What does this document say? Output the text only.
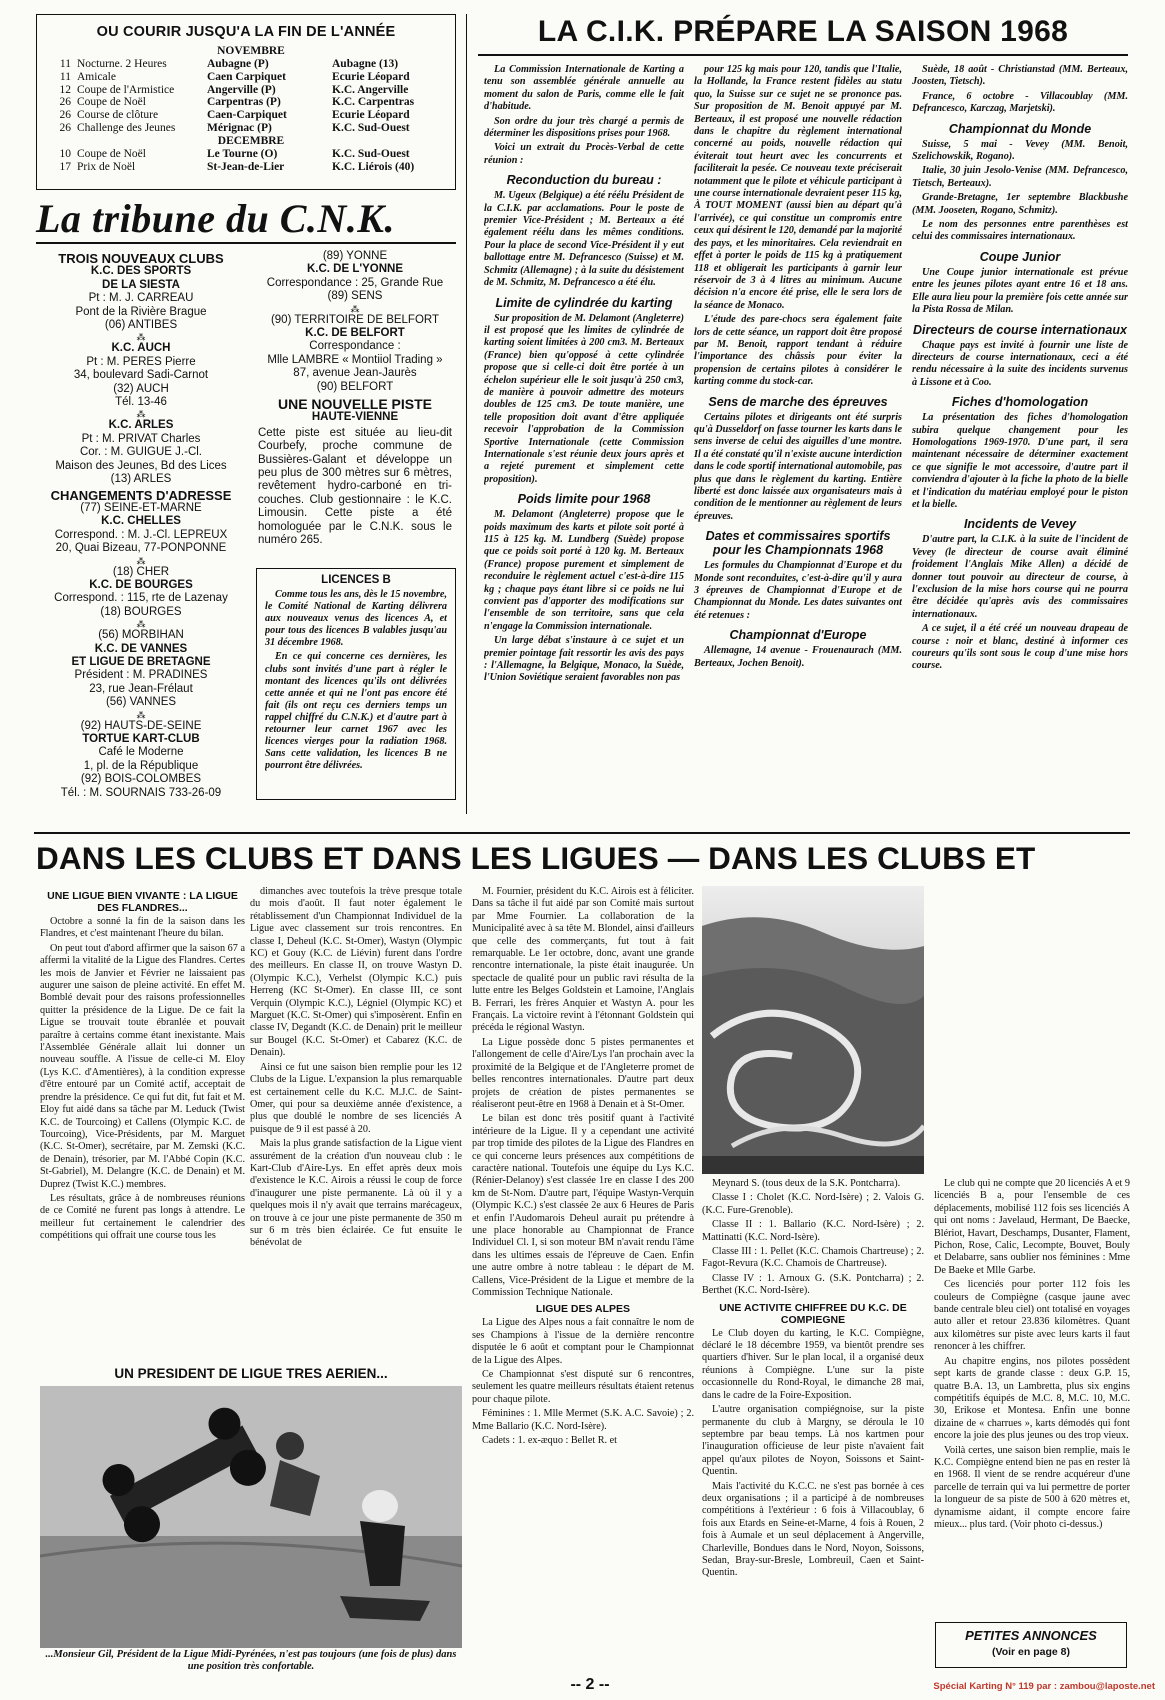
OU COURIR JUSQU'A LA FIN DE L'ANNÉE
NOVEMBRE
11 Nocturne. 2 Heures	Aubagne (P)	Aubagne (13)
11 Amicale	Caen Carpiquet	Ecurie Léopard
12 Coupe de l'Armistice	Angerville (P)	K.C. Angerville
26 Coupe de Noël	Carpentras (P)	K.C. Carpentras
26 Course de clôture	Caen-Carpiquet	Ecurie Léopard
26 Challenge des Jeunes	Mérignac (P)	K.C. Sud-Ouest
DECEMBRE
10 Coupe de Noël	Le Tourne (O)	K.C. Sud-Ouest
17 Prix de Noël	St-Jean-de-Lier	K.C. Liérois (40)
La tribune du C.N.K.
TROIS NOUVEAUX CLUBS
K.C. DES SPORTS
DE LA SIESTA
Pt : M. J. CARREAU
Pont de la Rivière Brague
(06) ANTIBES
⁂
K.C. AUCH
Pt : M. PERES Pierre
34, boulevard Sadi-Carnot
(32) AUCH
Tél. 13-46
⁂
K.C. ARLES
Pt : M. PRIVAT Charles
Cor. : M. GUIGUE J.-Cl.
Maison des Jeunes, Bd des Lices
(13) ARLES
CHANGEMENTS D'ADRESSE
(77) SEINE-ET-MARNE
K.C. CHELLES
Correspond. : M. J.-Cl. LEPREUX
20, Quai Bizeau, 77-PONPONNE
⁂
(18) CHER
K.C. DE BOURGES
Correspond. : 115, rte de Lazenay
(18) BOURGES
⁂
(56) MORBIHAN
K.C. DE VANNES
ET LIGUE DE BRETAGNE
Président : M. PRADINES
23, rue Jean-Frélaut
(56) VANNES
⁂
(92) HAUTS-DE-SEINE
TORTUE KART-CLUB
Café le Moderne
1, pl. de la République
(92) BOIS-COLOMBES
Tél. : M. SOURNAIS 733-26-09
(89) YONNE
K.C. DE L'YONNE
Correspondance : 25, Grande Rue
(89) SENS
⁂
(90) TERRITOIRE DE BELFORT
K.C. DE BELFORT
Correspondance :
Mlle LAMBRE « Montiiol Trading »
87, avenue Jean-Jaurès
(90) BELFORT
UNE NOUVELLE PISTE
HAUTE-VIENNE
Cette piste est située au lieu-dit Courbefy, proche commune de Bussières-Galant et développe un peu plus de 300 mètres sur 6 mètres, revêtement hydro-carboné en tri-couches. Club gestionnaire : le K.C. Limousin. Cette piste a été homologuée par le C.N.K. sous le numéro 265.
LICENCES B

Comme tous les ans, dès le 15 novembre, le Comité National de Karting délivrera aux nouveaux venus des licences A, et pour tous des licences B valables jusqu'au 31 décembre 1968.

En ce qui concerne ces dernières, les clubs sont invités d'une part à régler le montant des licences qu'ils ont délivrées cette année et qui ne l'ont pas encore été fait (ils ont reçu ces derniers temps un rappel chiffré du C.N.K.) et d'autre part à retourner leur carnet 1967 avec les licences vierges pour la radiation 1968. Sans cette validation, les licences B ne pourront être délivrées.

LA C.I.K. PRÉPARE LA SAISON 1968

La Commission Internationale de Karting a tenu son assemblée générale annuelle au moment du salon de Paris, comme elle le fait d'habitude.

Son ordre du jour très chargé a permis de déterminer les dispositions prises pour 1968.

Voici un extrait du Procès-Verbal de cette réunion :

Reconduction du bureau :

M. Ugeux (Belgique) a été réélu Président de la C.I.K. par acclamations. Pour le poste de premier Vice-Président ; M. Berteaux a été également réélu dans les mêmes conditions. Pour la place de second Vice-Président il y eut ballottage entre M. Defrancesco (Suisse) et M. Schmitz (Allemagne) ; à la suite du désistement de M. Schmitz, M. Defrancesco a été élu.

Limite de cylindrée du karting

Sur proposition de M. Delamont (Angleterre) il est proposé que les limites de cylindrée de karting soient limitées à 200 cm3. M. Berteaux (France) bien qu'opposé à cette cylindrée propose que si celle-ci doit être portée à un échelon supérieur elle le soit jusqu'à 250 cm3, de manière à pouvoir admettre des moteurs doubles de 125 cm3. De toute manière, une telle proposition doit avant d'être appliquée recevoir l'approbation de la Commission Sportive Internationale (cette Commission Internationale s'est réunie deux jours après et a rejeté purement et simplement cette proposition).

Poids limite pour 1968

M. Delamont (Angleterre) propose que le poids maximum des karts et pilote soit porté à 115 à 125 kg. M. Lundberg (Suède) propose que ce poids soit porté à 120 kg. M. Berteaux (France) propose purement et simplement de reconduire le règlement actuel c'est-à-dire 115 kg ; chaque pays étant libre si ce poids ne lui convient pas d'apporter des modifications sur l'ensemble de son territoire, sans que cela n'engage la Commission internationale.

Un large débat s'instaure à ce sujet et un premier pointage fait ressortir les avis des pays : l'Allemagne, la Belgique, Monaco, la Suède, l'Union Soviétique seraient favorables non pas

pour 125 kg mais pour 120, tandis que l'Italie, la Hollande, la France restent fidèles au statu quo, la Suisse sur ce sujet ne se prononce pas. Sur proposition de M. Benoit appuyé par M. Berteaux, il est proposé une nouvelle rédaction dans le chapitre du règlement international concerné au poids, nouvelle rédaction qui éviterait tout heurt avec les concurrents et faciliterait la pesée. Ce nouveau texte préciserait notamment que le pilote et véhicule participant à une course internationale devraient peser 115 kg, À TOUT MOMENT (aussi bien au départ qu'à l'arrivée), ce qui constitue un compromis entre ceux qui désirent le 120, demandé par la majorité des pays, et les minoritaires. Cela reviendrait en effet à porter le poids de 115 kg à pratiquement 118 et obligerait les participants à garnir leur réservoir de 3 à 4 litres au minimum. Aucune décision n'a encore été prise, elle le sera lors de la séance de Monaco.

L'étude des pare-chocs sera également faite lors de cette séance, un rapport doit être proposé par M. Benoit, rapport tendant à réduire l'importance des châssis pour éviter la propension de certains pilotes à considérer le karting comme du stock-car.

Sens de marche des épreuves

Certains pilotes et dirigeants ont été surpris qu'à Dusseldorf on fasse tourner les karts dans le sens inverse de celui des aiguilles d'une montre. Il a été constaté qu'il n'existe aucune interdiction dans le code sportif international automobile, pas plus que dans le règlement du karting. Entière liberté est donc laissée aux organisateurs mais à condition de le mentionner au règlement de leurs épreuves.

Dates et commissaires sportifs pour les Championnats 1968

Les formules du Championnat d'Europe et du Monde sont reconduites, c'est-à-dire qu'il y aura 3 épreuves de Championnat d'Europe et de Championnat du Monde. Les dates suivantes ont été retenues :

Championnat d'Europe

Allemagne, 14 avenue - Frouenaurach (MM. Berteaux, Jochen Benoit).

Suède, 18 août - Christianstad (MM. Berteaux, Joosten, Tietsch).

France, 6 octobre - Villacoublay (MM. Defrancesco, Karczag, Marjetski).

Championnat du Monde

Suisse, 5 mai - Vevey (MM. Benoit, Szelichowskik, Rogano).

Italie, 30 juin Jesolo-Venise (MM. Defrancesco, Tietsch, Berteaux).

Grande-Bretagne, 1er septembre Blackbushe (MM. Jooseten, Rogano, Schmitz).

Le nom des personnes entre parenthèses est celui des commissaires internationaux.

Coupe Junior

Une Coupe junior internationale est prévue entre les jeunes pilotes ayant entre 16 et 18 ans. Elle aura lieu pour la première fois cette année sur la Pista Rossa de Milan.

Directeurs de course internationaux

Chaque pays est invité à fournir une liste de directeurs de course internationaux, ceci a été rendu nécessaire à la suite des incidents survenus à Lissone et à Coo.

Fiches d'homologation

La présentation des fiches d'homologation subira quelque changement pour les Homologations 1969-1970. D'une part, il sera maintenant nécessaire de déterminer exactement ce que signifie le mot accessoire, d'autre part il conviendra d'ajouter à la fiche la photo de la bielle et l'indication du matériau employé pour le piston et la bielle.

Incidents de Vevey

D'autre part, la C.I.K. à la suite de l'incident de Vevey (le directeur de course avait éliminé froidement l'Anglais Mike Allen) a décidé de donner tout pouvoir au directeur de course, à l'exclusion de la mise hors course qui ne pourra être décidée qu'après avis des commissaires internationaux.

A ce sujet, il a été créé un nouveau drapeau de course : noir et blanc, destiné à informer ces coureurs qu'ils sont sous le coup d'une mise hors course.

DANS LES CLUBS ET DANS LES LIGUES — DANS LES CLUBS ET
UNE LIGUE BIEN VIVANTE : LA LIGUE DES FLANDRES...

Octobre a sonné la fin de la saison dans les Flandres, et c'est maintenant l'heure du bilan.

On peut tout d'abord affirmer que la saison 67 a affermi la vitalité de la Ligue des Flandres. Certes les mois de Janvier et Février ne laissaient pas augurer une saison de pleine activité. En effet M. Bomblé devait pour des raisons professionnelles quitter la présidence de la Ligue. De ce fait la Ligue se trouvait toute ébranlée et pouvait paraître à certains comme étant inexistante. Mais l'Assemblée Générale allait lui donner un nouveau souffle. A l'issue de celle-ci M. Eloy (Lys K.C. d'Amentières), à la condition expresse d'être entouré par un Comité actif, acceptait de prendre la présidence. Ce qui fut dit, fut fait et M. Eloy fut aidé dans sa tâche par M. Leduck (Twist K.C. de Tourcoing) et Callens (Olympic K.C. de Tourcoing), Vice-Présidents, par M. Marguet (K.C. St-Omer), secrétaire, par M. Zemski (K.C. de Denain), trésorier, par M. l'Abbé Copin (K.C. St-Gabriel), M. Delangre (K.C. de Denain) et M. Duprez (Twist K.C.) membres.

Les résultats, grâce à de nombreuses réunions de ce Comité ne furent pas longs à attendre. Le meilleur fut certainement le calendrier des compétitions qui offrait une course tous les

dimanches avec toutefois la trève presque totale du mois d'août. Il faut noter également le rétablissement d'un Championnat Individuel de la Ligue avec classement sur trois rencontres. En classe I, Deheul (K.C. St-Omer), Wastyn (Olympic KC) et Gouy (K.C. de Liévin) furent dans l'ordre des meilleurs. En classe II, on trouve Wastyn D. (Olympic K.C.), Verhelst (Olympic K.C.) puis Herreng (KC St-Omer). En classe III, ce sont Verquin (Olympic K.C.), Légniel (Olympic KC) et Marguet (K.C. St-Omer) qui s'imposèrent. Enfin en classe IV, Degandt (K.C. de Denain) prit le meilleur sur Bougel (K.C. St-Omer) et Cabarez (K.C. de Denain).

Ainsi ce fut une saison bien remplie pour les 12 Clubs de la Ligue. L'expansion la plus remarquable est certainement celle du K.C. M.J.C. de Saint-Omer, qui pour sa deuxième année d'existence, a plus que doublé le nombre de ses licenciés A puisque de 9 il est passé à 20.

Mais la plus grande satisfaction de la Ligue vient assurément de la création d'un nouveau club : le Kart-Club d'Aire-Lys. En effet après deux mois d'existence le K.C. Airois a réussi le coup de force d'inaugurer une piste permanente. Là où il y a quelques mois il n'y avait que terrains marécageux, on trouve à ce jour une piste permanente de 350 m sur 6 m très bien éclairée. Ce fut ensuite le bénévolat de

M. Fournier, président du K.C. Airois est à féliciter. Dans sa tâche il fut aidé par son Comité mais surtout par Mme Fournier. La collaboration de la Municipalité avec à sa tête M. Blondel, ainsi d'ailleurs que celle des commerçants, fut tout à fait remarquable. Le 1er octobre, donc, avant une grande rencontre internationale, la piste était inaugurée. Un spectacle de qualité pour un public ravi résulta de la lutte entre les Belges Goldstein et Lamoine, l'Anglais B. Ferrari, les frères Anquier et Wastyn A. pour les Français. La victoire revint à l'étonnant Goldstein qui précéda le régional Wastyn.

La Ligue possède donc 5 pistes permanentes et l'allongement de celle d'Aire/Lys l'an prochain avec la proximité de la Belgique et de l'Angleterre promet de belles rencontres internationales. D'autre part deux projets de création de pistes permanentes se réaliseront peut-être en 1968 à Denain et à St-Omer.

Le bilan est donc très positif quant à l'activité intérieure de la Ligue. Il y a cependant une activité par trop timide des pilotes de la Ligue des Flandres en ce qui concerne leurs présences aux compétitions de caractère national. Toutefois une équipe du Lys K.C. (Rénier-Delanoy) s'est classée 1re en classe I des 200 km de St-Nom. D'autre part, l'équipe Wastyn-Verquin (Olympic K.C.) s'est classée 2e aux 6 Heures de Paris et enfin l'Audomarois Deheul aurait pu prétendre à une place honorable au Championnat de France Individuel Cl. I, si son moteur BM n'avait rendu l'âme dans les ultimes essais de l'épreuve de Caen. Enfin une autre ombre à notre tableau : le départ de M. Callens, Vice-Président de la Ligue et membre de la Commission Technique Nationale.

LIGUE DES ALPES

La Ligue des Alpes nous a fait connaître le nom de ses Champions à l'issue de la dernière rencontre disputée le 6 août et comptant pour le Championnat de la Ligue des Alpes.

Ce Championnat s'est disputé sur 6 rencontres, seulement les quatre meilleurs résultats étaient retenus pour chaque pilote.

Féminines : 1. Mlle Mermet (S.K. A.C. Savoie) ; 2. Mme Ballario (K.C. Nord-Isère).

Cadets : 1. ex-æquo : Bellet R. et

Meynard S. (tous deux de la S.K. Pontcharra).

Classe I : Cholet (K.C. Nord-Isère) ; 2. Valois G. (K.C. Fure-Grenoble).

Classe II : 1. Ballario (K.C. Nord-Isère) ; 2. Mattinatti (K.C. Nord-Isère).

Classe III : 1. Pellet (K.C. Chamois Chartreuse) ; 2. Fagot-Revura (K.C. Chamois de Chartreuse).

Classe IV : 1. Arnoux G. (S.K. Pontcharra) ; 2. Berthet (K.C. Nord-Isère).

UNE ACTIVITE CHIFFREE DU K.C. DE COMPIEGNE

Le Club doyen du karting, le K.C. Compiègne, déclaré le 18 décembre 1959, va bientôt prendre ses quartiers d'hiver. Sur le plan local, il a organisé deux réunions à Compiègne. L'une sur la piste occasionnelle du Rond-Royal, le dimanche 28 mai, dans le cadre de la Foire-Exposition.

L'autre organisation compiégnoise, sur la piste permanente du club à Margny, se déroula le 10 septembre par beau temps. Là nos kartmen pour l'inauguration officieuse de leur piste n'avaient fait appel qu'aux pilotes de Noyon, Soissons et Saint-Quentin.

Mais l'activité du K.C.C. ne s'est pas bornée à ces deux organisations ; il a participé à de nombreuses compétitions à l'extérieur : 6 fois à Villacoublay, 6 fois aux Etards en Seine-et-Marne, 4 fois à Rouen, 2 fois à Aumale et un seul déplacement à Angerville, Charleville, Bondues dans le Nord, Noyon, Soissons, Sedan, Bray-sur-Bresle, Lombreuil, Caen et Saint-Quentin.

Le club qui ne compte que 20 licenciés A et 9 licenciés B a, pour l'ensemble de ces déplacements, mobilisé 112 fois ses licenciés A qui ont noms : Javelaud, Hermant, De Baecke, Blériot, Havart, Deschamps, Dusanter, Flament, Pichon, Rose, Calic, Lecompte, Bouvet, Bouly et Delabarre, sans oublier nos féminines : Mme De Baeke et Mlle Garbe.

Ces licenciés pour porter 112 fois les couleurs de Compiègne (casque jaune avec bande centrale bleu ciel) ont totalisé en voyages auto aller et retour 23.836 kilomètres. Quant aux kilomètres sur piste avec leurs karts il faut renoncer à les chiffrer.

Au chapitre engins, nos pilotes possèdent sept karts de grande classe : deux G.P. 15, quatre B.A. 13, un Lambretta, plus six engins compétitifs équipés de M.C. 8, M.C. 10, M.C. 30, Erikose et Montesa. Enfin une bonne dizaine de « charrues », karts démodés qui font encore la joie des plus jeunes ou des trop vieux.

Voilà certes, une saison bien remplie, mais le K.C. Compiègne entend bien ne pas en rester là en 1968. Il vient de se rendre acquéreur d'une parcelle de terrain qui va lui permettre de porter la longueur de sa piste de 500 à 620 mètres et, dynamisme aidant, il compte encore faire mieux... plus tard. (Voir photo ci-dessus.)

UN PRESIDENT DE LIGUE TRES AERIEN...
...Monsieur Gil, Président de la Ligue Midi-Pyrénées, n'est pas toujours (une fois de plus) dans une position très confortable.
PETITES ANNONCES
(Voir en page 8)
-- 2 --	Spécial Karting N° 119 par : zambou@laposte.net
